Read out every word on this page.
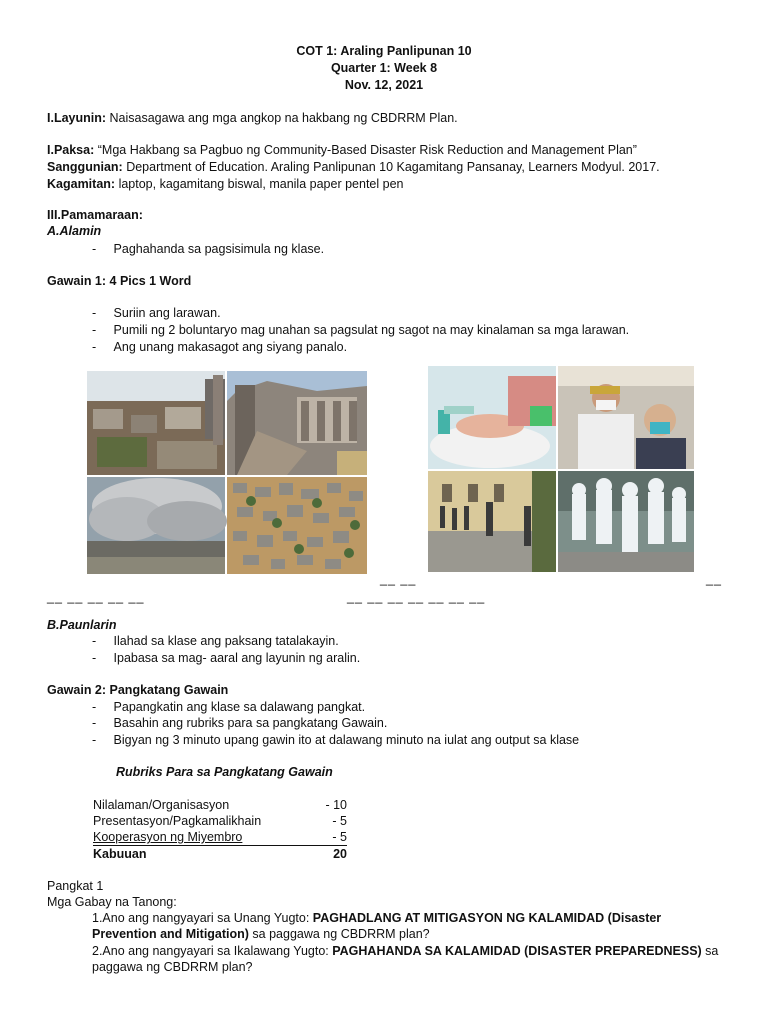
COT 1: Araling Panlipunan 10
Quarter 1: Week 8
Nov. 12, 2021
I.Layunin: Naisasagawa ang mga angkop na hakbang ng CBDRRM Plan.
I.Paksa: “Mga Hakbang sa Pagbuo ng Community-Based Disaster Risk Reduction and Management Plan”
Sanggunian: Department of Education. Araling Panlipunan 10 Kagamitang Pansanay, Learners Modyul. 2017.
Kagamitan: laptop, kagamitang biswal, manila paper pentel pen
III.Pamamaraan:
A.Alamin
-     Paghahanda sa pagsisimula ng klase.
Gawain 1: 4 Pics 1 Word
-     Suriin ang larawan.
-     Pumili ng 2 boluntaryo mag unahan sa pagsulat ng sagot na may kinalaman sa mga larawan.
-     Ang unang makasagot ang siyang panalo.
__ __	__
__ __ __ __ __	__ __ __ __ __ __ __
B.Paunlarin
-     Ilahad sa klase ang paksang tatalakayin.
-     Ipabasa sa mag- aaral ang layunin ng aralin.
Gawain 2: Pangkatang Gawain
-     Papangkatin ang klase sa dalawang pangkat.
-     Basahin ang rubriks para sa pangkatang Gawain.
-     Bigyan ng 3 minuto upang gawin ito at dalawang minuto na iulat ang output sa klase
Rubriks Para sa Pangkatang Gawain
Nilalaman/Organisasyon	- 10
Presentasyon/Pagkamalikhain	- 5
Kooperasyon ng Miyembro	- 5
Kabuuan	20
Pangkat 1
Mga Gabay na Tanong:
1.Ano ang nangyayari sa Unang Yugto: PAGHADLANG AT MITIGASYON NG KALAMIDAD (Disaster
Prevention and Mitigation) sa paggawa ng CBDRRM plan?
2.Ano ang nangyayari sa Ikalawang Yugto: PAGHAHANDA SA KALAMIDAD (DISASTER PREPAREDNESS) sa
paggawa ng CBDRRM plan?
